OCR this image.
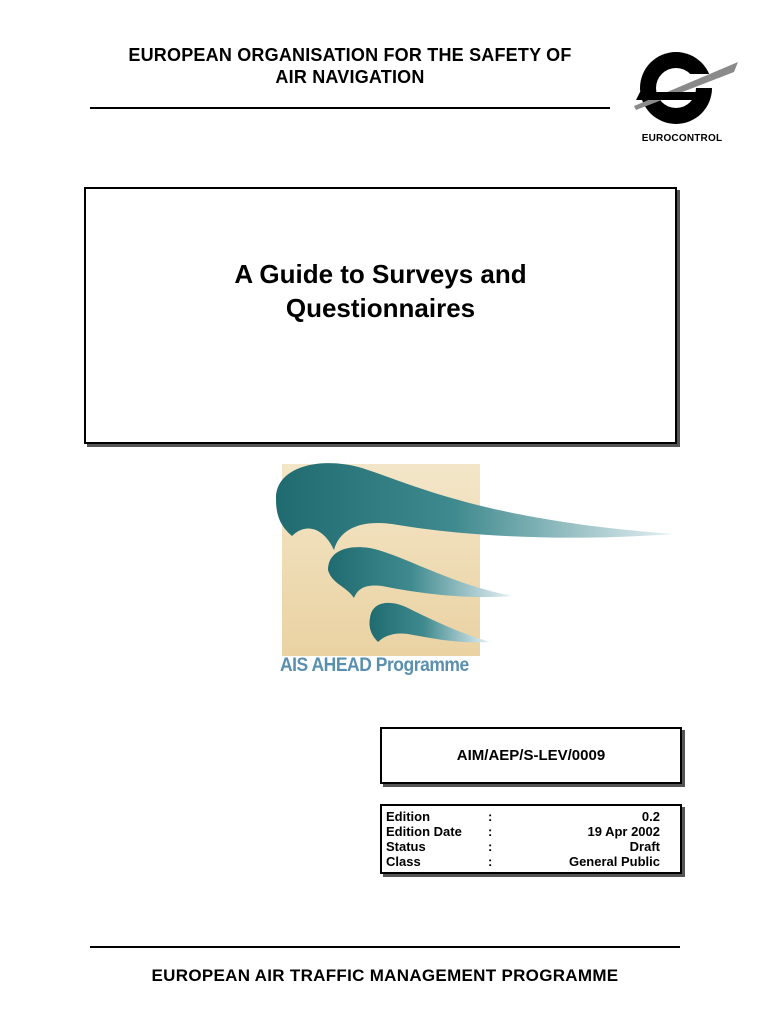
EUROPEAN ORGANISATION FOR THE SAFETY OF
AIR NAVIGATION
EUROCONTROL
A Guide to Surveys and
Questionnaires
AIS AHEAD Programme
AIM/AEP/S-LEV/0009
Edition	:	0.2
Edition Date :	19 Apr 2002
Status	:	Draft
Class	:	General Public
EUROPEAN AIR TRAFFIC MANAGEMENT PROGRAMME
